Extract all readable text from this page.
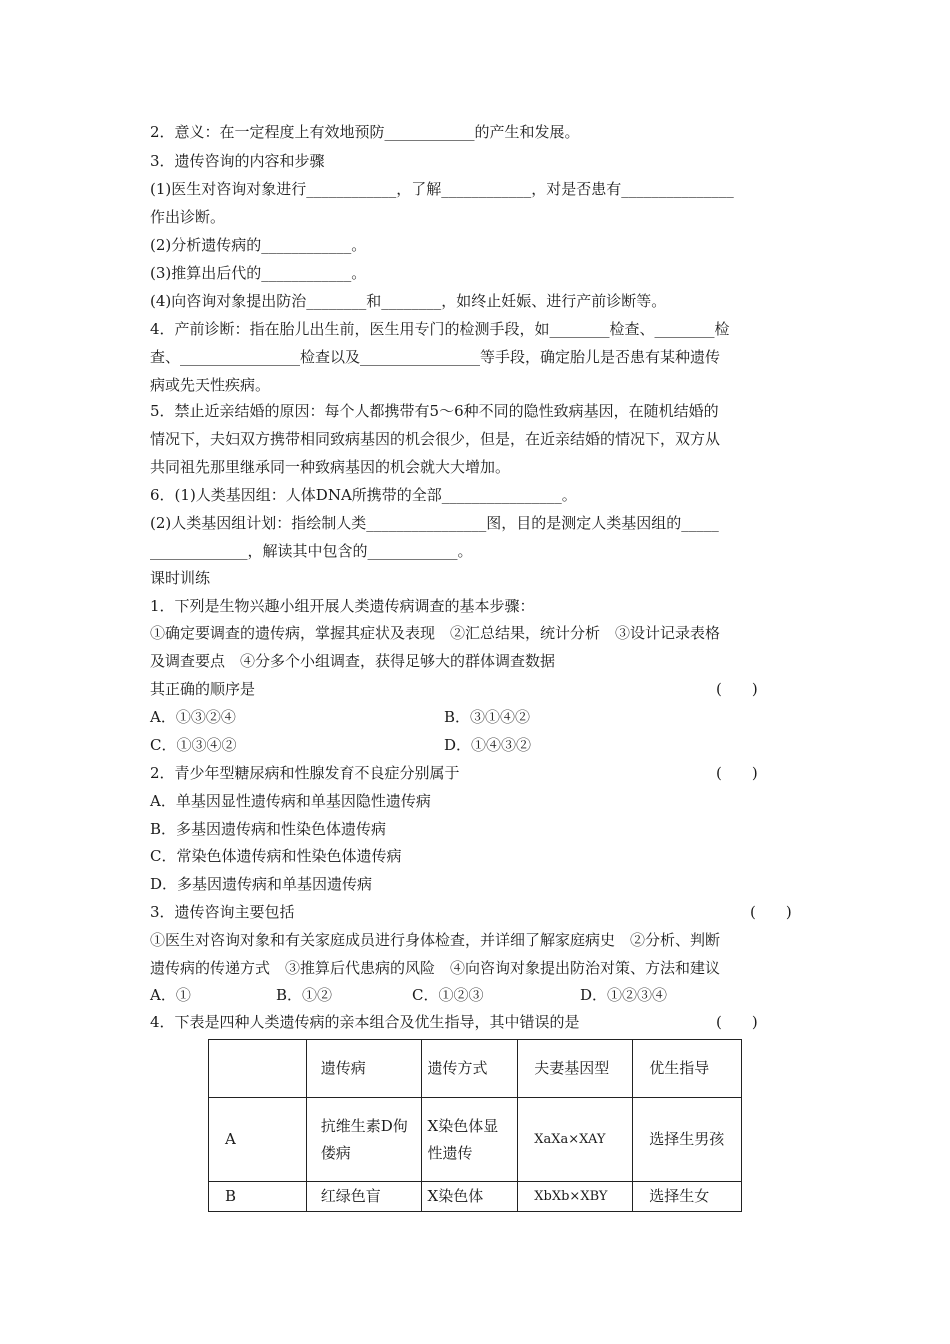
2．意义：在一定程度上有效地预防____________的产生和发展。
3．遗传咨询的内容和步骤
(1)医生对咨询对象进行____________，了解____________，对是否患有_______________
作出诊断。
(2)分析遗传病的____________。
(3)推算出后代的____________。
(4)向咨询对象提出防治________和________，如终止妊娠、进行产前诊断等。
4．产前诊断：指在胎儿出生前，医生用专门的检测手段，如________检查、________检
查、________________检查以及________________等手段，确定胎儿是否患有某种遗传
病或先天性疾病。
5．禁止近亲结婚的原因：每个人都携带有5～6种不同的隐性致病基因，在随机结婚的
情况下，夫妇双方携带相同致病基因的机会很少，但是，在近亲结婚的情况下，双方从
共同祖先那里继承同一种致病基因的机会就大大增加。
6．(1)人类基因组：人体DNA所携带的全部________________。
(2)人类基因组计划：指绘制人类________________图，目的是测定人类基因组的_____
_____________，解读其中包含的____________。
课时训练
1．下列是生物兴趣小组开展人类遗传病调查的基本步骤：
①确定要调查的遗传病，掌握其症状及表现　②汇总结果，统计分析　③设计记录表格
及调查要点　④分多个小组调查，获得足够大的群体调查数据
其正确的顺序是	(　　)
A．①③②④	B．③①④②
C．①③④②	D．①④③②
2．青少年型糖尿病和性腺发育不良症分别属于	(　　)
A．单基因显性遗传病和单基因隐性遗传病
B．多基因遗传病和性染色体遗传病
C．常染色体遗传病和性染色体遗传病
D．多基因遗传病和单基因遗传病
3．遗传咨询主要包括	(　　)
①医生对咨询对象和有关家庭成员进行身体检查，并详细了解家庭病史　②分析、判断
遗传病的传递方式　③推算后代患病的风险　④向咨询对象提出防治对策、方法和建议
A．①	B．①②	C．①②③	D．①②③④
4．下表是四种人类遗传病的亲本组合及优生指导，其中错误的是	(　　)
	遗传病	遗传方式	夫妻基因型	优生指导
A	抗维生素D佝偻病	X染色体显性遗传	XaXa×XAY	选择生男孩
B	红绿色盲	X染色体	XbXb×XBY	选择生女
